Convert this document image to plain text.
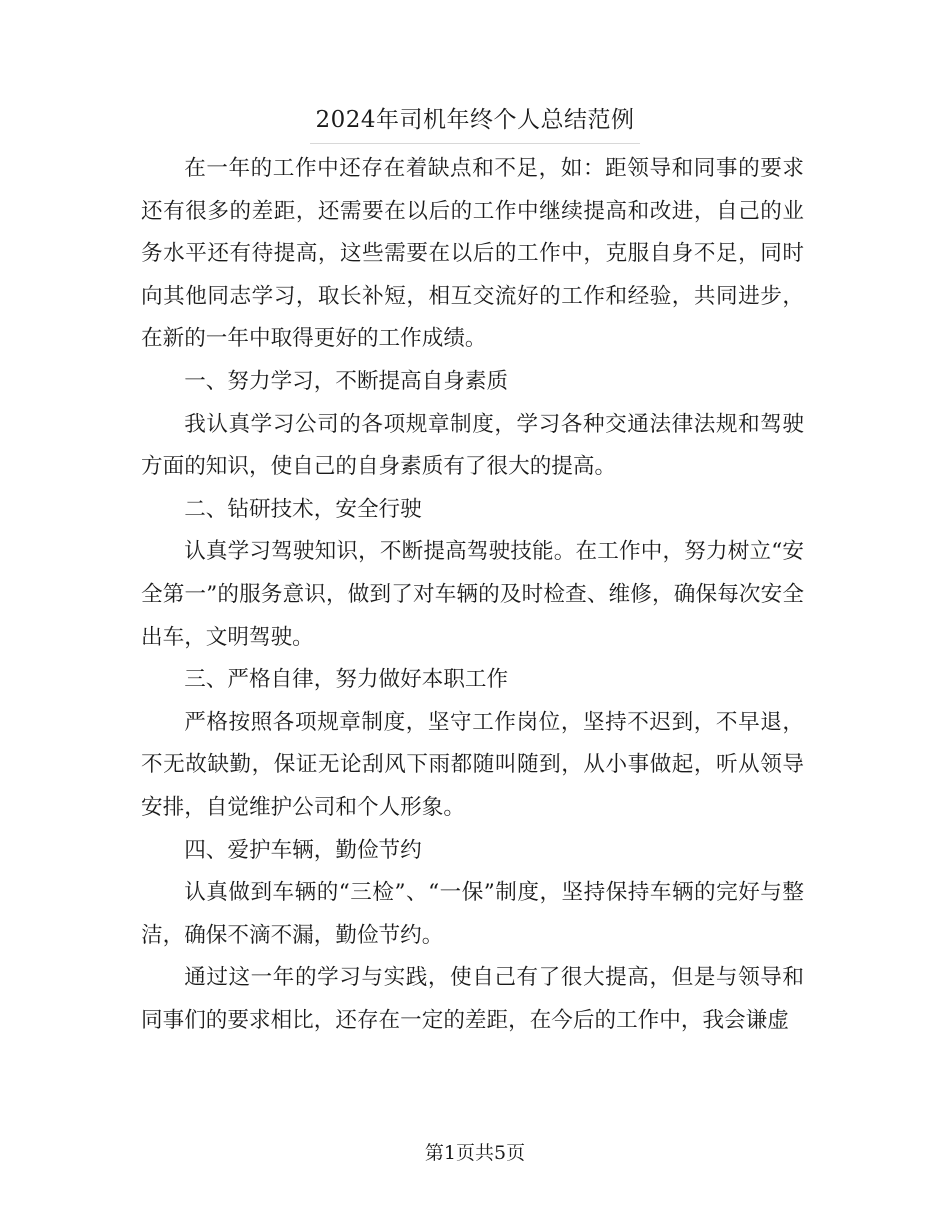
2024年司机年终个人总结范例

在一年的工作中还存在着缺点和不足，如：距领导和同事的要求还有很多的差距，还需要在以后的工作中继续提高和改进，自己的业务水平还有待提高，这些需要在以后的工作中，克服自身不足，同时向其他同志学习，取长补短，相互交流好的工作和经验，共同进步，在新的一年中取得更好的工作成绩。

一、努力学习，不断提高自身素质

我认真学习公司的各项规章制度，学习各种交通法律法规和驾驶方面的知识，使自己的自身素质有了很大的提高。

二、钻研技术，安全行驶

认真学习驾驶知识，不断提高驾驶技能。在工作中，努力树立“安全第一”的服务意识，做到了对车辆的及时检查、维修，确保每次安全出车，文明驾驶。

三、严格自律，努力做好本职工作

严格按照各项规章制度，坚守工作岗位，坚持不迟到，不早退，不无故缺勤，保证无论刮风下雨都随叫随到，从小事做起，听从领导安排，自觉维护公司和个人形象。

四、爱护车辆，勤俭节约

认真做到车辆的“三检”、“一保”制度，坚持保持车辆的完好与整洁，确保不滴不漏，勤俭节约。

通过这一年的学习与实践，使自己有了很大提高，但是与领导和同事们的要求相比，还存在一定的差距，在今后的工作中，我会谦虚

第1页共5页
